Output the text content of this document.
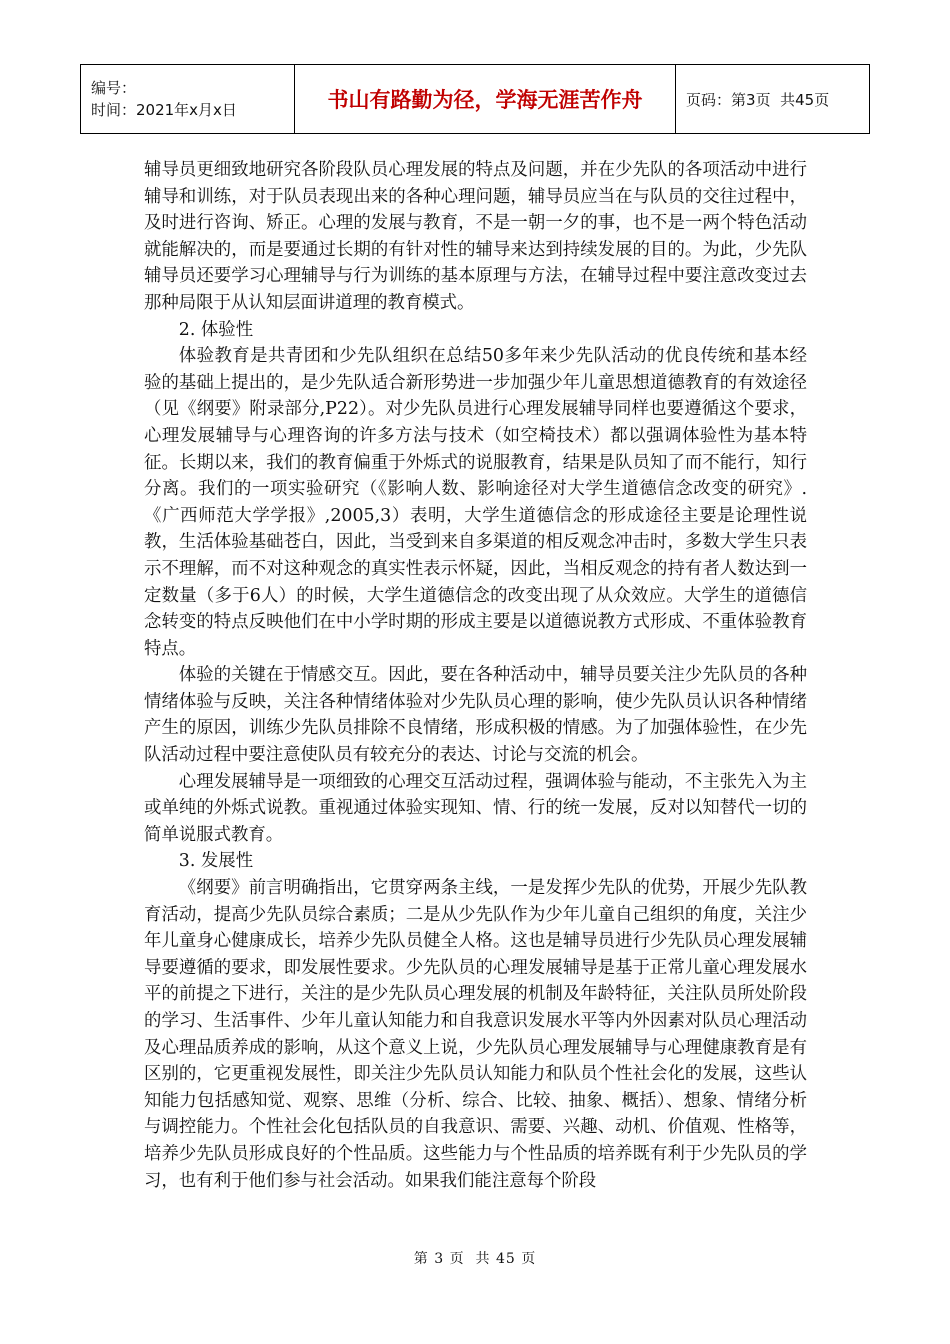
编号：
时间：2021年x月x日	书山有路勤为径，学海无涯苦作舟	页码：第3页  共45页

辅导员更细致地研究各阶段队员心理发展的特点及问题，并在少先队的各项活动中进行辅导和训练，对于队员表现出来的各种心理问题，辅导员应当在与队员的交往过程中，及时进行咨询、矫正。心理的发展与教育，不是一朝一夕的事，也不是一两个特色活动就能解决的，而是要通过长期的有针对性的辅导来达到持续发展的目的。为此，少先队辅导员还要学习心理辅导与行为训练的基本原理与方法，在辅导过程中要注意改变过去那种局限于从认知层面讲道理的教育模式。

2. 体验性

体验教育是共青团和少先队组织在总结50多年来少先队活动的优良传统和基本经验的基础上提出的，是少先队适合新形势进一步加强少年儿童思想道德教育的有效途径（见《纲要》附录部分,P22）。对少先队员进行心理发展辅导同样也要遵循这个要求，心理发展辅导与心理咨询的许多方法与技术（如空椅技术）都以强调体验性为基本特征。长期以来，我们的教育偏重于外烁式的说服教育，结果是队员知了而不能行，知行分离。我们的一项实验研究（《影响人数、影响途径对大学生道德信念改变的研究》.《广西师范大学学报》,2005,3）表明，大学生道德信念的形成途径主要是论理性说教，生活体验基础苍白，因此，当受到来自多渠道的相反观念冲击时，多数大学生只表示不理解，而不对这种观念的真实性表示怀疑，因此，当相反观念的持有者人数达到一定数量（多于6人）的时候，大学生道德信念的改变出现了从众效应。大学生的道德信念转变的特点反映他们在中小学时期的形成主要是以道德说教方式形成、不重体验教育特点。

体验的关键在于情感交互。因此，要在各种活动中，辅导员要关注少先队员的各种情绪体验与反映，关注各种情绪体验对少先队员心理的影响，使少先队员认识各种情绪产生的原因，训练少先队员排除不良情绪，形成积极的情感。为了加强体验性，在少先队活动过程中要注意使队员有较充分的表达、讨论与交流的机会。

心理发展辅导是一项细致的心理交互活动过程，强调体验与能动，不主张先入为主或单纯的外烁式说教。重视通过体验实现知、情、行的统一发展，反对以知替代一切的简单说服式教育。

3. 发展性

《纲要》前言明确指出，它贯穿两条主线，一是发挥少先队的优势，开展少先队教育活动，提高少先队员综合素质；二是从少先队作为少年儿童自己组织的角度，关注少年儿童身心健康成长，培养少先队员健全人格。这也是辅导员进行少先队员心理发展辅导要遵循的要求，即发展性要求。少先队员的心理发展辅导是基于正常儿童心理发展水平的前提之下进行，关注的是少先队员心理发展的机制及年龄特征，关注队员所处阶段的学习、生活事件、少年儿童认知能力和自我意识发展水平等内外因素对队员心理活动及心理品质养成的影响，从这个意义上说，少先队员心理发展辅导与心理健康教育是有区别的，它更重视发展性，即关注少先队员认知能力和队员个性社会化的发展，这些认知能力包括感知觉、观察、思维（分析、综合、比较、抽象、概括）、想象、情绪分析与调控能力。个性社会化包括队员的自我意识、需要、兴趣、动机、价值观、性格等，培养少先队员形成良好的个性品质。这些能力与个性品质的培养既有利于少先队员的学习，也有利于他们参与社会活动。如果我们能注意每个阶段

第 3 页  共 45 页
